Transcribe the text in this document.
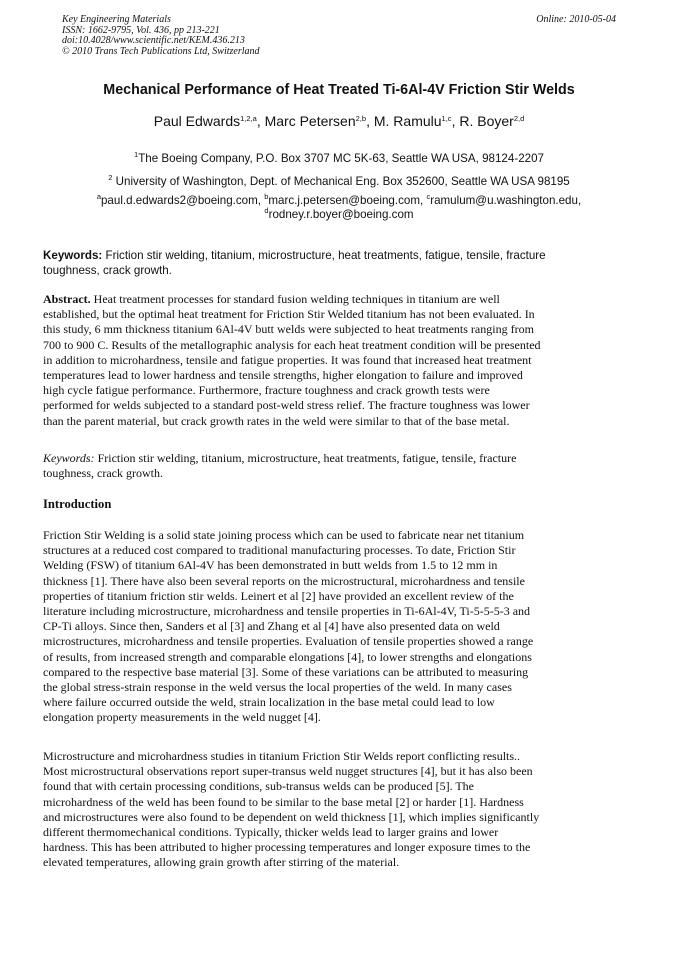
Key Engineering Materials
ISSN: 1662-9795, Vol. 436, pp 213-221
doi:10.4028/www.scientific.net/KEM.436.213
© 2010 Trans Tech Publications Ltd, Switzerland
Online: 2010-05-04
Mechanical Performance of Heat Treated Ti-6Al-4V Friction Stir Welds
Paul Edwards$^{1,2,a}$, Marc Petersen$^{2,b}$, M. Ramulu$^{1,c}$, R. Boyer$^{2,d}$
$^1$The Boeing Company, P.O. Box 3707 MC 5K-63, Seattle WA USA, 98124-2207
$^2$ University of Washington, Dept. of Mechanical Eng. Box 352600, Seattle WA USA 98195
$^a$paul.d.edwards2@boeing.com, $^b$marc.j.petersen@boeing.com, $^c$ramulum@u.washington.edu,
$^d$rodney.r.boyer@boeing.com
Keywords: Friction stir welding, titanium, microstructure, heat treatments, fatigue, tensile, fracture
toughness, crack growth.
Abstract. Heat treatment processes for standard fusion welding techniques in titanium are well
established, but the optimal heat treatment for Friction Stir Welded titanium has not been evaluated. In
this study, 6 mm thickness titanium 6Al-4V butt welds were subjected to heat treatments ranging from
700 to 900 C. Results of the metallographic analysis for each heat treatment condition will be presented
in addition to microhardness, tensile and fatigue properties. It was found that increased heat treatment
temperatures lead to lower hardness and tensile strengths, higher elongation to failure and improved
high cycle fatigue performance. Furthermore, fracture toughness and crack growth tests were
performed for welds subjected to a standard post-weld stress relief. The fracture toughness was lower
than the parent material, but crack growth rates in the weld were similar to that of the base metal.
Keywords: Friction stir welding, titanium, microstructure, heat treatments, fatigue, tensile, fracture
toughness, crack growth.
Introduction
Friction Stir Welding is a solid state joining process which can be used to fabricate near net titanium
structures at a reduced cost compared to traditional manufacturing processes. To date, Friction Stir
Welding (FSW) of titanium 6Al-4V has been demonstrated in butt welds from 1.5 to 12 mm in
thickness [1]. There have also been several reports on the microstructural, microhardness and tensile
properties of titanium friction stir welds. Leinert et al [2] have provided an excellent review of the
literature including microstructure, microhardness and tensile properties in Ti-6Al-4V, Ti-5-5-5-3 and
CP-Ti alloys. Since then, Sanders et al [3] and Zhang et al [4] have also presented data on weld
microstructures, microhardness and tensile properties. Evaluation of tensile properties showed a range
of results, from increased strength and comparable elongations [4], to lower strengths and elongations
compared to the respective base material [3]. Some of these variations can be attributed to measuring
the global stress-strain response in the weld versus the local properties of the weld. In many cases
where failure occurred outside the weld, strain localization in the base metal could lead to low
elongation property measurements in the weld nugget [4].
Microstructure and microhardness studies in titanium Friction Stir Welds report conflicting results..
Most microstructural observations report super-transus weld nugget structures [4], but it has also been
found that with certain processing conditions, sub-transus welds can be produced [5]. The
microhardness of the weld has been found to be similar to the base metal [2] or harder [1]. Hardness
and microstructures were also found to be dependent on weld thickness [1], which implies significantly
different thermomechanical conditions. Typically, thicker welds lead to larger grains and lower
hardness. This has been attributed to higher processing temperatures and longer exposure times to the
elevated temperatures, allowing grain growth after stirring of the material.
